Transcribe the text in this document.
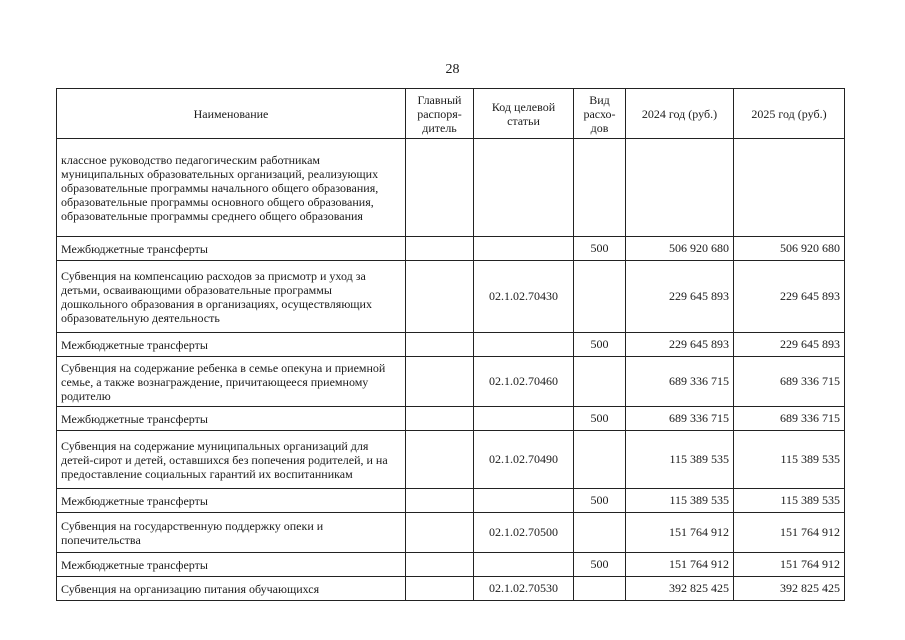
28
Наименование	Главный распоря-дитель	Код целевой статьи	Вид расхо-дов	2024 год (руб.)	2025 год (руб.)
классное руководство педагогическим работникам муниципальных образовательных организаций, реализующих образовательные программы начального общего образования, образовательные программы основного общего образования, образовательные программы среднего общего образования					
Межбюджетные трансферты			500	506 920 680	506 920 680
Субвенция на компенсацию расходов за присмотр и уход за детьми, осваивающими образовательные программы дошкольного образования в организациях, осуществляющих образовательную деятельность		02.1.02.70430		229 645 893	229 645 893
Межбюджетные трансферты			500	229 645 893	229 645 893
Субвенция на содержание ребенка в семье опекуна и приемной семье, а также вознаграждение, причитающееся приемному родителю		02.1.02.70460		689 336 715	689 336 715
Межбюджетные трансферты			500	689 336 715	689 336 715
Субвенция на содержание муниципальных организаций для детей-сирот и детей, оставшихся без попечения родителей, и на предоставление социальных гарантий их воспитанникам		02.1.02.70490		115 389 535	115 389 535
Межбюджетные трансферты			500	115 389 535	115 389 535
Субвенция на государственную поддержку опеки и попечительства		02.1.02.70500		151 764 912	151 764 912
Межбюджетные трансферты			500	151 764 912	151 764 912
Субвенция на организацию питания обучающихся		02.1.02.70530		392 825 425	392 825 425
